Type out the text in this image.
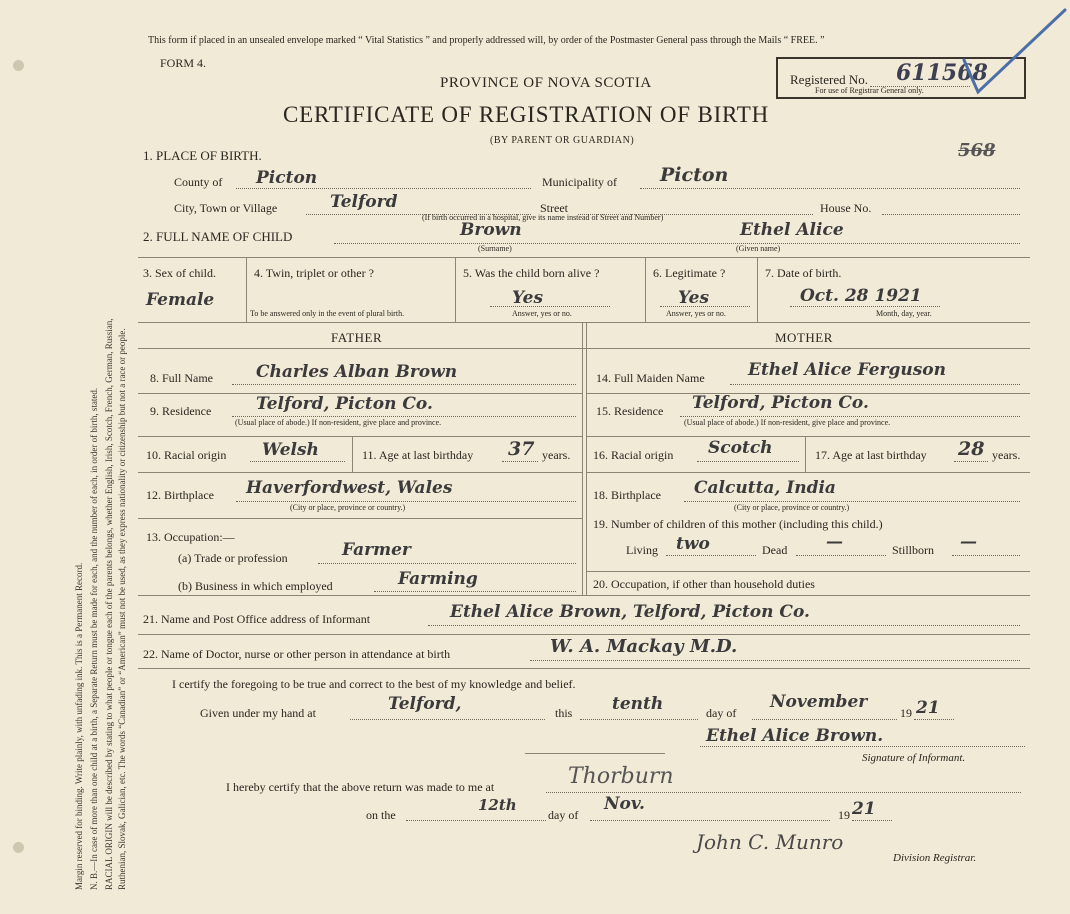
Margin reserved for binding. Write plainly, with unfading ink. This is a Permanent Record. N. B.—In case of more than one child at a birth, a Separate Return must be made for each, and the number of each, in order of birth, stated. RACIAL ORIGIN will be described by stating to what people or tongue each of the parents belongs, whether English, Irish, Scotch, French, German, Russian, Ruthenian, Slovak, Galician, etc. The words “Canadian” or “American” must not be used, as they express nationality or citizenship but not a race or people.
This form if placed in an unsealed envelope marked “ Vital Statistics ” and properly addressed will, by order of the Postmaster General pass through the Mails “ FREE. ”
FORM 4.
PROVINCE OF NOVA SCOTIA
CERTIFICATE OF REGISTRATION OF BIRTH
(BY PARENT OR GUARDIAN)
Registered No. 611568
For use of Registrar General only.
568
1. PLACE OF BIRTH.
County of Picton	Municipality of Picton
City, Town or Village	Telford	Street	House No.
(If birth occurred in a hospital, give its name instead of Street and Number)
2. FULL NAME OF CHILD	Brown
(Surname)
Ethel Alice
(Given name)
3. Sex of child.
Female
4. Twin, triplet or other ?
To be answered only in the event of plural birth.
5. Was the child born alive ?
Yes
Answer, yes or no.
6. Legitimate ?
Yes
Answer, yes or no.
7. Date of birth.
Oct. 28 1921
Month, day, year.
FATHER	MOTHER
8. Full Name	Charles Alban Brown
9. Residence	Telford, Picton Co.
(Usual place of abode.) If non-resident, give place and province.
10. Racial origin Welsh	11. Age at last birthday 37 years.
12. Birthplace Haverfordwest, Wales
(City or place, province or country.)
13. Occupation:—
(a) Trade or profession	Farmer
(b) Business in which employed	Farming
14. Full Maiden Name	Ethel Alice Ferguson
15. Residence Telford, Picton Co.
(Usual place of abode.) If non-resident, give place and province.
16. Racial origin Scotch	17. Age at last birthday 28 years.
18. Birthplace Calcutta, India
(City or place, province or country.)
19. Number of children of this mother (including this child.)
Living two	Dead —	Stillborn —
20. Occupation, if other than household duties
21. Name and Post Office address of Informant	Ethel Alice Brown, Telford, Picton Co.
22. Name of Doctor, nurse or other person in attendance at birth	W. A. Mackay M.D.
I certify the foregoing to be true and correct to the best of my knowledge and belief.
Given under my hand at	Telford,	this tenth	day of
November
19 21
Ethel Alice Brown.
Signature of Informant.
I hereby certify that the above return was made to me at	Thorburn
on the
12th
day of
Nov.
19 21
John C. Munro
Division Registrar.
